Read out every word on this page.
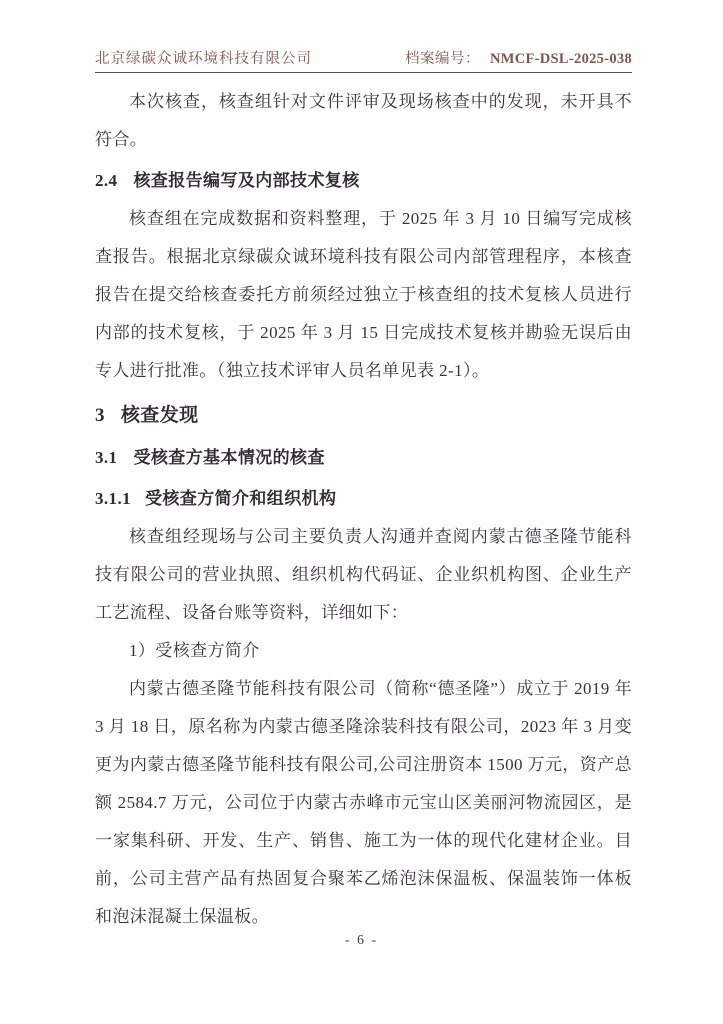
北京绿碳众诚环境科技有限公司	档案编号： NMCF-DSL-2025-038

本次核查，核查组针对文件评审及现场核查中的发现，未开具不符合。

2.4 核查报告编写及内部技术复核

核查组在完成数据和资料整理，于 2025 年 3 月 10 日编写完成核查报告。根据北京绿碳众诚环境科技有限公司内部管理程序，本核查报告在提交给核查委托方前须经过独立于核查组的技术复核人员进行内部的技术复核，于 2025 年 3 月 15 日完成技术复核并勘验无误后由专人进行批准。（独立技术评审人员名单见表 2-1）。

3 核查发现
3.1 受核查方基本情况的核查
3.1.1 受核查方简介和组织机构

核查组经现场与公司主要负责人沟通并查阅内蒙古德圣隆节能科技有限公司的营业执照、组织机构代码证、企业织机构图、企业生产工艺流程、设备台账等资料，详细如下：

1）受核查方简介

内蒙古德圣隆节能科技有限公司（简称“德圣隆”）成立于 2019 年 3 月 18 日，原名称为内蒙古德圣隆涂装科技有限公司，2023 年 3 月变更为内蒙古德圣隆节能科技有限公司,公司注册资本 1500 万元，资产总额 2584.7 万元，公司位于内蒙古赤峰市元宝山区美丽河物流园区，是一家集科研、开发、生产、销售、施工为一体的现代化建材企业。目前，公司主营产品有热固复合聚苯乙烯泡沫保温板、保温装饰一体板和泡沫混凝土保温板。

- 6 -
